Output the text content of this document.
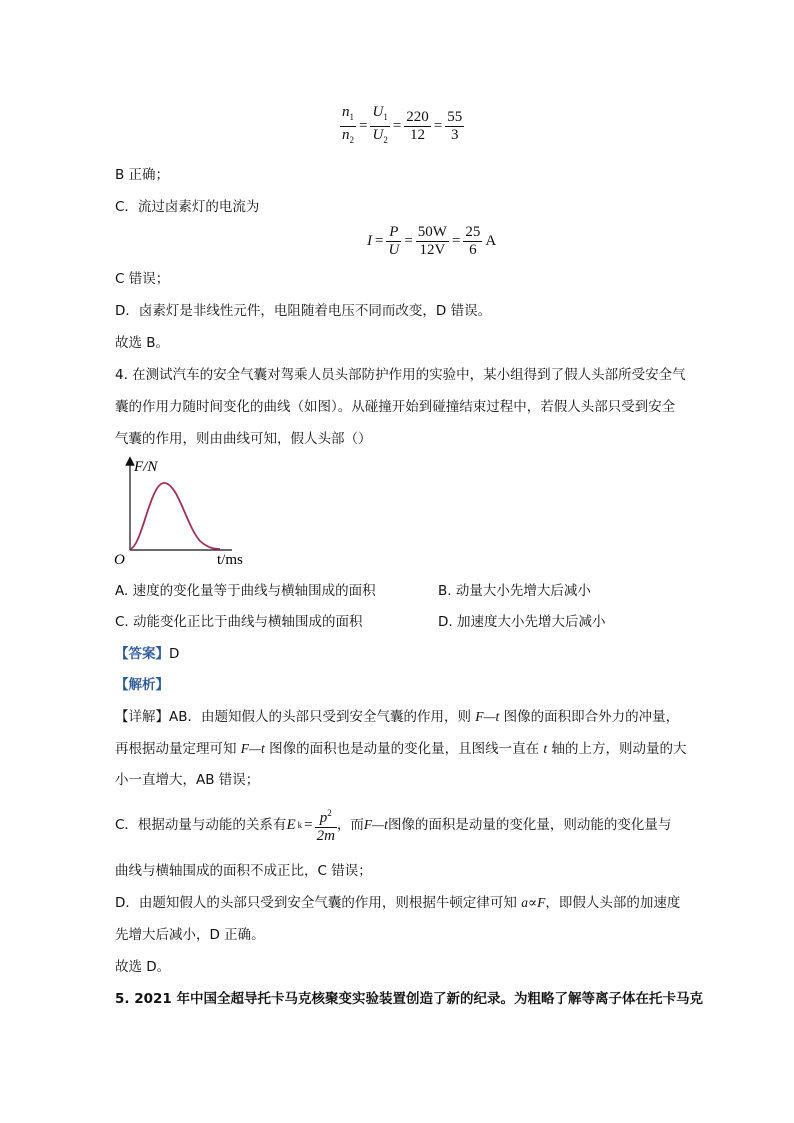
$\frac{n_1}{n_2} = \frac{U_1}{U_2} = \frac{220}{12} = \frac{55}{3}$
B 正确；
C．流过卤素灯的电流为
$I = \frac{P}{U} = \frac{50W}{12V} = \frac{25}{6}$ A
C 错误；
D．卤素灯是非线性元件，电阻随着电压不同而改变，D 错误。
故选 B。
4. 在测试汽车的安全气囊对驾乘人员头部防护作用的实验中，某小组得到了假人头部所受安全气
囊的作用力随时间变化的曲线（如图）。从碰撞开始到碰撞结束过程中，若假人头部只受到安全
气囊的作用，则由曲线可知，假人头部（）
F/N
O	t/ms
A. 速度的变化量等于曲线与横轴围成的面积	B. 动量大小先增大后减小
C. 动能变化正比于曲线与横轴围成的面积	D. 加速度大小先增大后减小
【答案】D
【解析】
【详解】AB．由题知假人的头部只受到安全气囊的作用，则 F—t 图像的面积即合外力的冲量，
再根据动量定理可知 F—t 图像的面积也是动量的变化量，且图线一直在 t 轴的上方，则动量的大
小一直增大，AB 错误；
C．根据动量与动能的关系有 E $k = \frac{p^2}{2m}$ ，而 F—t 图像的面积是动量的变化量，则动能的变化量与
曲线与横轴围成的面积不成正比，C 错误；
D．由题知假人的头部只受到安全气囊的作用，则根据牛顿定律可知 a∝F，即假人头部的加速度
先增大后减小，D 正确。
故选 D。
5. 2021 年中国全超导托卡马克核聚变实验装置创造了新的纪录。为粗略了解等离子体在托卡马克
